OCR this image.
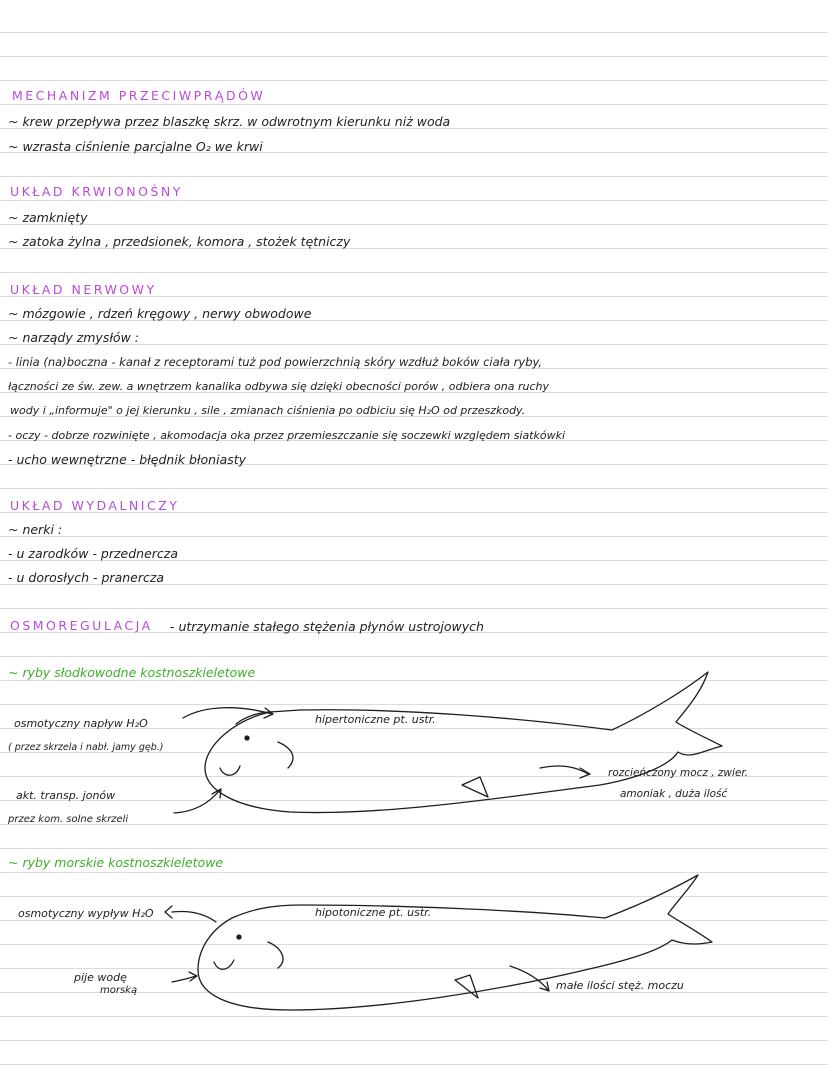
MECHANIZM PRZECIWPRĄDÓW
~ krew przepływa przez blaszkę skrz. w odwrotnym kierunku niż woda
~ wzrasta ciśnienie parcjalne O₂ we krwi
UKŁAD KRWIONOŚNY
~ zamknięty
~ zatoka żylna , przedsionek, komora , stożek tętniczy
UKŁAD NERWOWY
~ mózgowie , rdzeń kręgowy , nerwy obwodowe
~ narządy zmysłów :
- linia (na)boczna - kanał z receptorami tuż pod powierzchnią skóry wzdłuż boków ciała ryby,
łączności ze św. zew. a wnętrzem kanalika odbywa się dzięki obecności porów , odbiera ona ruchy
wody i „informuje" o jej kierunku , sile , zmianach ciśnienia po odbiciu się H₂O od przeszkody.
- oczy - dobrze rozwinięte , akomodacja oka przez przemieszczanie się soczewki względem siatkówki
- ucho wewnętrzne - błędnik błoniasty
UKŁAD WYDALNICZY
~ nerki :
- u zarodków - przednercza
- u dorosłych - pranercza
OSMOREGULACJA - utrzymanie stałego stężenia płynów ustrojowych
~ ryby słodkowodne kostnoszkieletowe
hipertoniczne pt. ustr.
osmotyczny napływ H₂O
( przez skrzela i nabł. jamy gęb.)
akt. transp. jonów
przez kom. solne skrzeli
rozcieńczony mocz , zwier.
amoniak , duża ilość
~ ryby morskie kostnoszkieletowe
hipotoniczne pt. ustr.
osmotyczny wypływ H₂O
pije wodę
morską	małe ilości stęż. moczu
